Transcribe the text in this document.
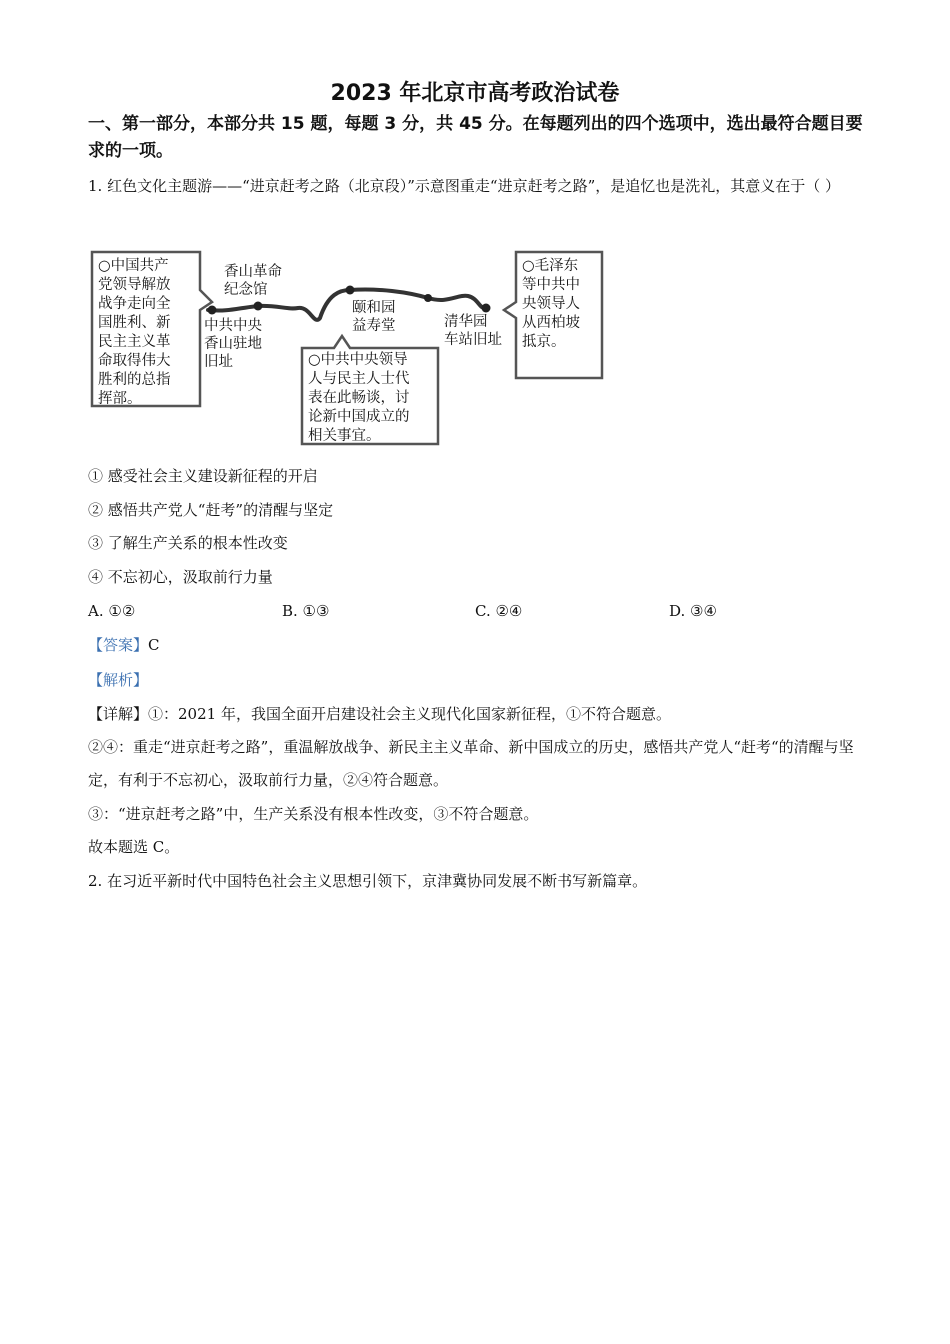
2023 年北京市高考政治试卷
一、第一部分，本部分共 15 题，每题 3 分，共 45 分。在每题列出的四个选项中，选出最符合题目要求的一项。
1. 红色文化主题游——“进京赶考之路（北京段）”示意图重走“进京赶考之路”，是追忆也是洗礼，其意义在于（ ）
○中国共产党领导解放战争走向全国胜利、新民主主义革命取得伟大胜利的总指挥部。
○中共中央领导人与民主人士代表在此畅谈，讨论新中国成立的相关事宜。
○毛泽东等中共中央领导人从西柏坡抵京。
香山革命纪念馆
中共中央香山驻地旧址
颐和园益寿堂	清华园车站旧址
① 感受社会主义建设新征程的开启
② 感悟共产党人“赶考”的清醒与坚定
③ 了解生产关系的根本性改变
④ 不忘初心，汲取前行力量
A. ①②	B. ①③	C. ②④	D. ③④
【答案】C
【解析】
【详解】①：2021 年，我国全面开启建设社会主义现代化国家新征程，①不符合题意。
②④：重走“进京赶考之路”，重温解放战争、新民主主义革命、新中国成立的历史，感悟共产党人“赶考“的清醒与坚定，有利于不忘初心，汲取前行力量，②④符合题意。
③：“进京赶考之路”中，生产关系没有根本性改变，③不符合题意。
故本题选 C。
2. 在习近平新时代中国特色社会主义思想引领下，京津冀协同发展不断书写新篇章。
